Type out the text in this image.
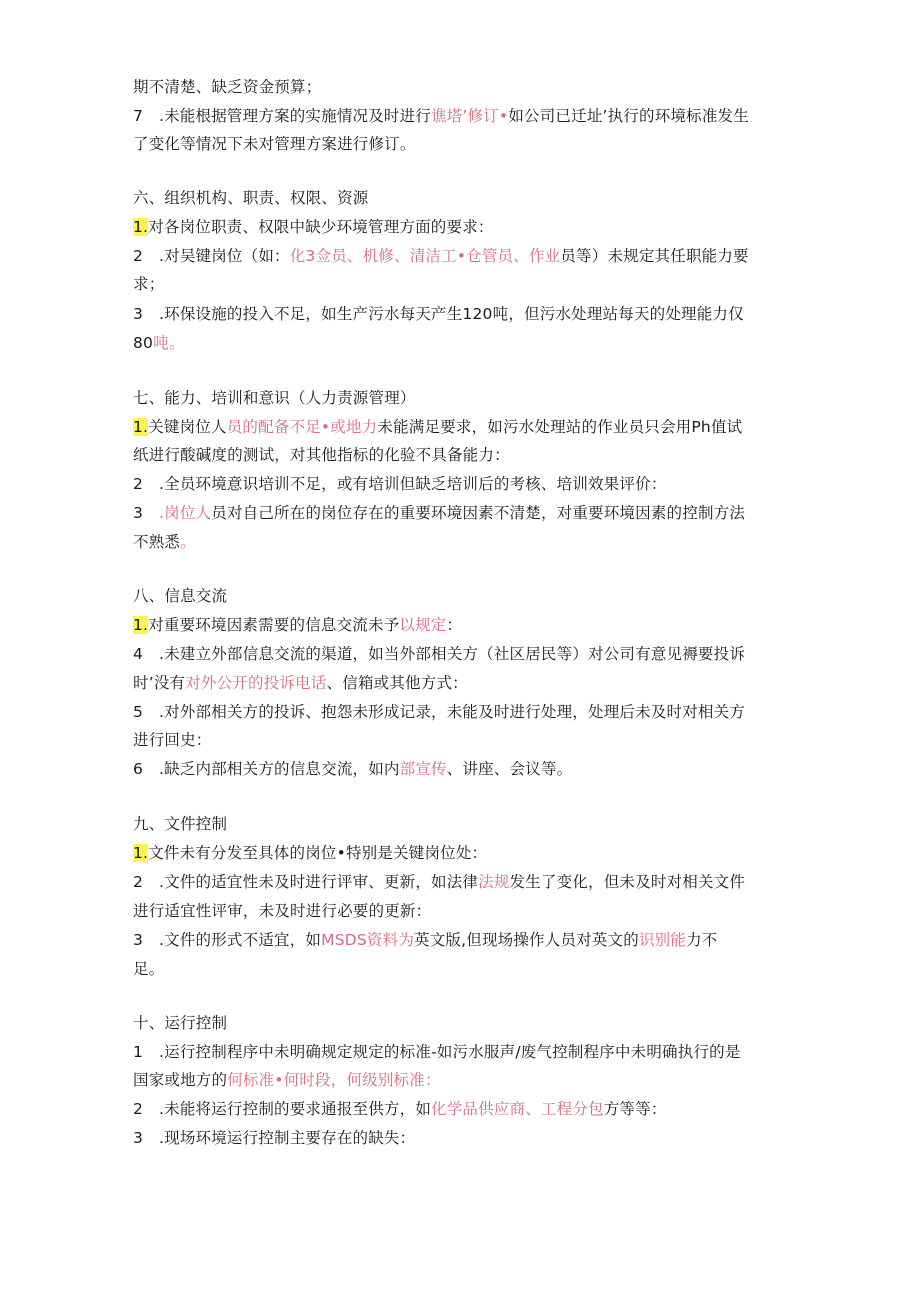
期不清楚、缺乏资金预算；
7 .未能根据管理方案的实施情况及时进行谯塔’修订•如公司已迁址’执行的环境标准发生
了变化等情况下未对管理方案进行修订。
六、组织机构、职责、权限、资源
1.对各岗位职责、权限中缺少环境管理方面的要求：
2 .对吴键岗位（如：化3佥员、机修、清洁工•仓管员、作业员等）未规定其任职能力要
求；
3 .环保设施的投入不足，如生产污水每天产生120吨，但污水处理站每天的处理能力仅
80吨。
七、能力、培训和意识（人力责源管理）
1.关键岗位人员的配备不足•或地力未能满足要求，如污水处理站的作业员只会用Ph值试
纸进行酸碱度的测试，对其他指标的化验不具备能力：
2 .全员环境意识培训不足，或有培训但缺乏培训后的考核、培训效果评价：
3 .岗位人员对自己所在的岗位存在的重要环境因素不清楚，对重要环境因素的控制方法
不熟悉。
八、信息交流
1.对重要环境因素需要的信息交流未予以规定：
4 .未建立外部信息交流的渠道，如当外部相关方（社区居民等）对公司有意见褥要投诉
时’没有对外公开的投诉电话、信箱或其他方式：
5 .对外部相关方的投诉、抱怨未形成记录，未能及时进行处理，处理后未及时对相关方
进行回史：
6 .缺乏内部相关方的信息交流，如内部宣传、讲座、会议等。
九、文件控制
1.文件未有分发至具体的岗位•特别是关键岗位处：
2 .文件的适宜性未及时进行评审、更新，如法律法规发生了变化，但未及时对相关文件
进行适宜性评审，未及时进行必要的更新：
3 .文件的形式不适宜，如MSDS资料为英文版,但现场操作人员对英文的识别能力不
足。
十、运行控制
1 .运行控制程序中未明确规定规定的标准-如污水服声/废气控制程序中未明确执行的是
国家或地方的何标准•何时段，何级别标准：
2 .未能将运行控制的要求通报至供方，如化学品供应商、工程分包方等等：
3 .现场环境运行控制主要存在的缺失：
